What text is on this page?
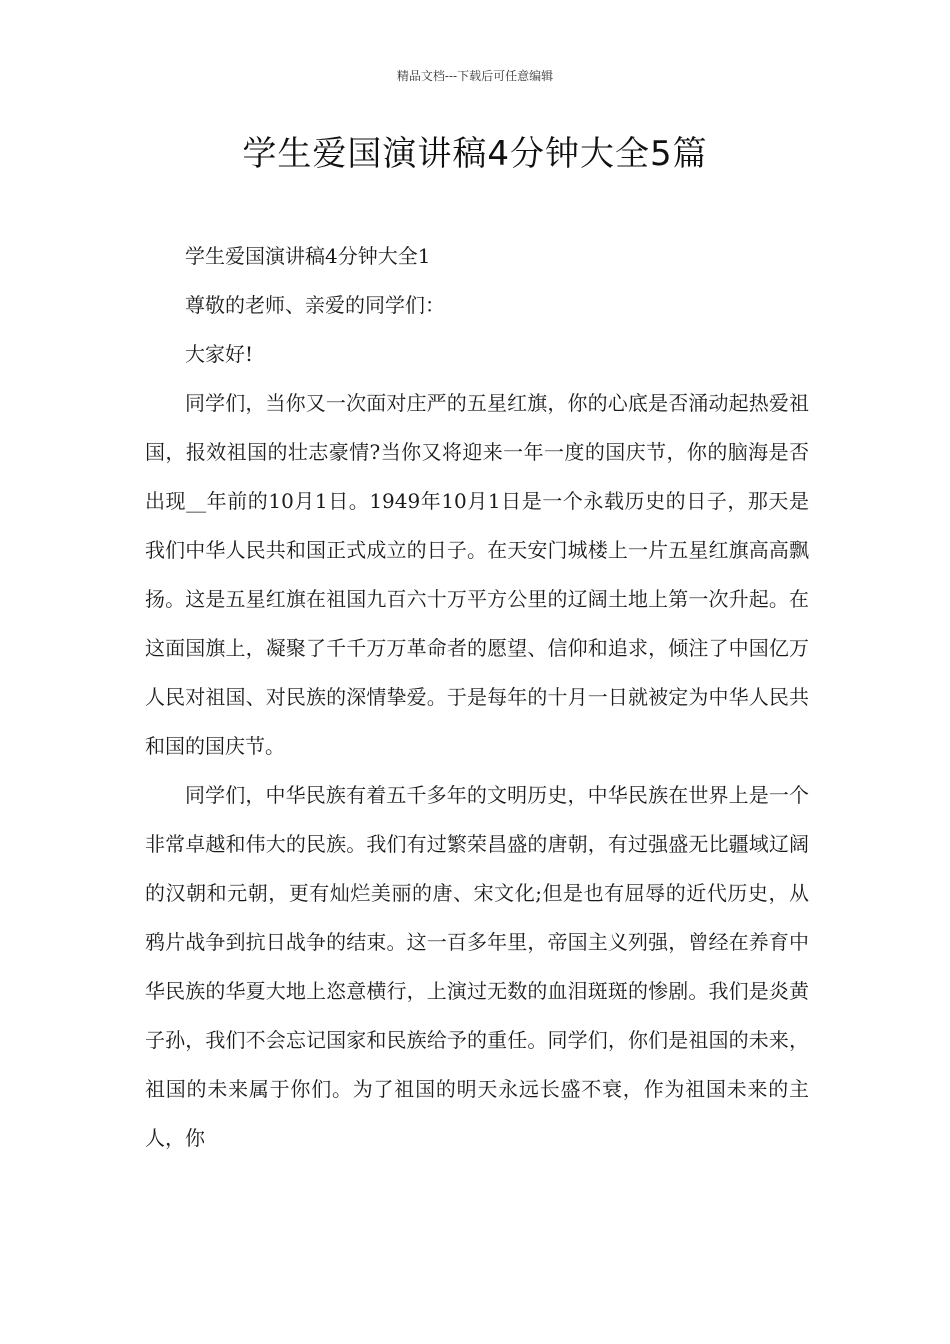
精品文档---下载后可任意编辑
学生爱国演讲稿4分钟大全5篇

学生爱国演讲稿4分钟大全1

尊敬的老师、亲爱的同学们：

大家好!

同学们，当你又一次面对庄严的五星红旗，你的心底是否涌动起热爱祖国，报效祖国的壮志豪情?当你又将迎来一年一度的国庆节，你的脑海是否出现__年前的10月1日。1949年10月1日是一个永载历史的日子，那天是我们中华人民共和国正式成立的日子。在天安门城楼上一片五星红旗高高飘扬。这是五星红旗在祖国九百六十万平方公里的辽阔土地上第一次升起。在这面国旗上，凝聚了千千万万革命者的愿望、信仰和追求，倾注了中国亿万人民对祖国、对民族的深情挚爱。于是每年的十月一日就被定为中华人民共和国的国庆节。

同学们，中华民族有着五千多年的文明历史，中华民族在世界上是一个非常卓越和伟大的民族。我们有过繁荣昌盛的唐朝，有过强盛无比疆域辽阔的汉朝和元朝，更有灿烂美丽的唐、宋文化;但是也有屈辱的近代历史，从鸦片战争到抗日战争的结束。这一百多年里，帝国主义列强，曾经在养育中华民族的华夏大地上恣意横行，上演过无数的血泪斑斑的惨剧。我们是炎黄子孙，我们不会忘记国家和民族给予的重任。同学们，你们是祖国的未来，祖国的未来属于你们。为了祖国的明天永远长盛不衰，作为祖国未来的主人，你
